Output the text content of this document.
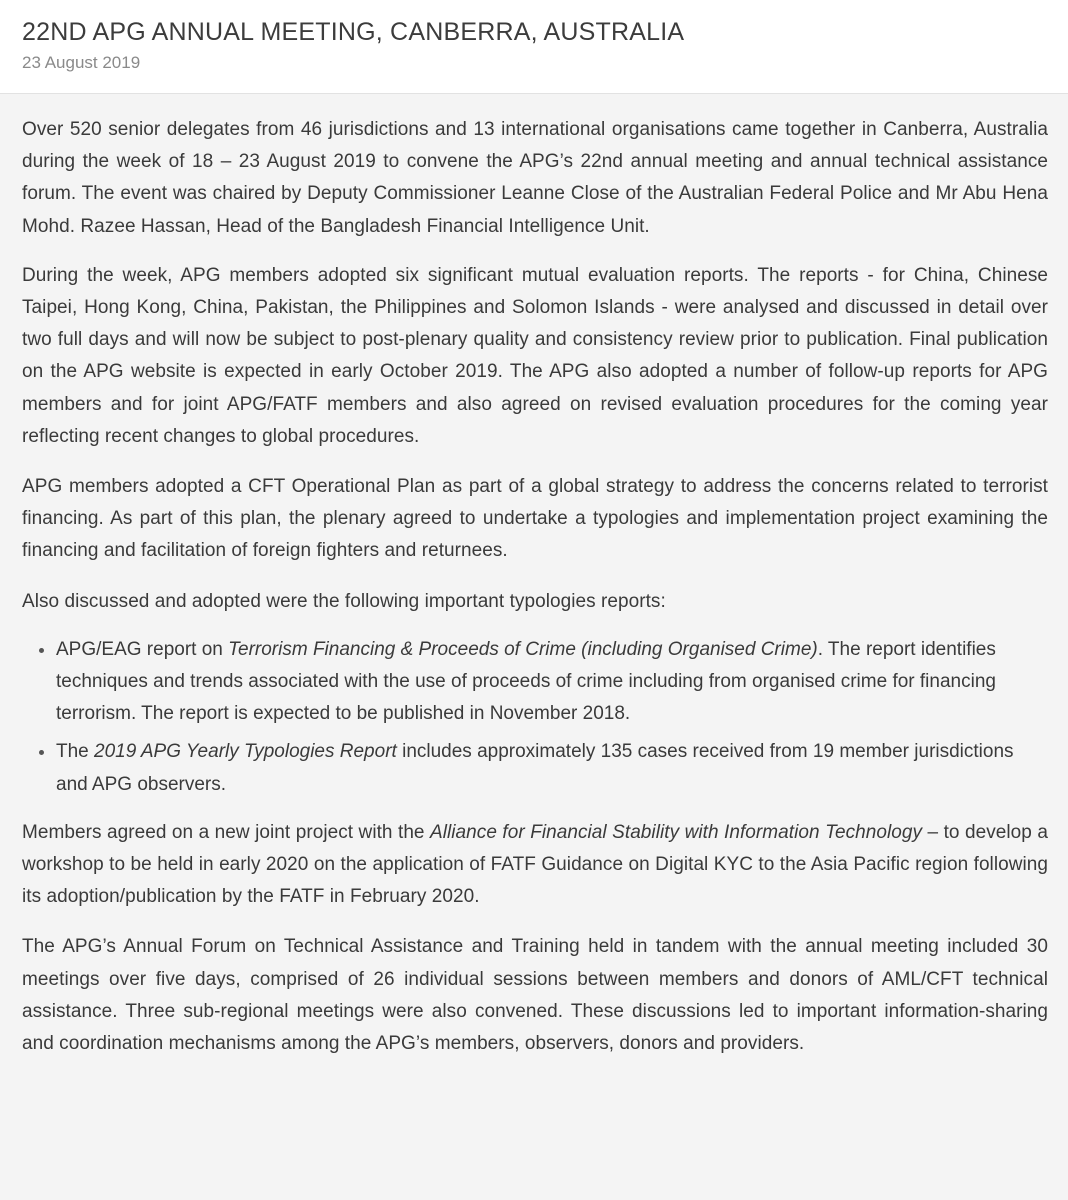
22ND APG ANNUAL MEETING, CANBERRA, AUSTRALIA
23 August 2019

Over 520 senior delegates from 46 jurisdictions and 13 international organisations came together in Canberra, Australia during the week of 18 – 23 August 2019 to convene the APG’s 22nd annual meeting and annual technical assistance forum. The event was chaired by Deputy Commissioner Leanne Close of the Australian Federal Police and Mr Abu Hena Mohd. Razee Hassan, Head of the Bangladesh Financial Intelligence Unit.

During the week, APG members adopted six significant mutual evaluation reports. The reports - for China, Chinese Taipei, Hong Kong, China, Pakistan, the Philippines and Solomon Islands - were analysed and discussed in detail over two full days and will now be subject to post-plenary quality and consistency review prior to publication. Final publication on the APG website is expected in early October 2019. The APG also adopted a number of follow-up reports for APG members and for joint APG/FATF members and also agreed on revised evaluation procedures for the coming year reflecting recent changes to global procedures.

APG members adopted a CFT Operational Plan as part of a global strategy to address the concerns related to terrorist financing. As part of this plan, the plenary agreed to undertake a typologies and implementation project examining the financing and facilitation of foreign fighters and returnees.

Also discussed and adopted were the following important typologies reports:

• APG/EAG report on Terrorism Financing & Proceeds of Crime (including Organised Crime). The report identifies techniques and trends associated with the use of proceeds of crime including from organised crime for financing terrorism. The report is expected to be published in November 2018.
• The 2019 APG Yearly Typologies Report includes approximately 135 cases received from 19 member jurisdictions and APG observers.

Members agreed on a new joint project with the Alliance for Financial Stability with Information Technology – to develop a workshop to be held in early 2020 on the application of FATF Guidance on Digital KYC to the Asia Pacific region following its adoption/publication by the FATF in February 2020.

The APG’s Annual Forum on Technical Assistance and Training held in tandem with the annual meeting included 30 meetings over five days, comprised of 26 individual sessions between members and donors of AML/CFT technical assistance. Three sub-regional meetings were also convened. These discussions led to important information-sharing and coordination mechanisms among the APG’s members, observers, donors and providers.
